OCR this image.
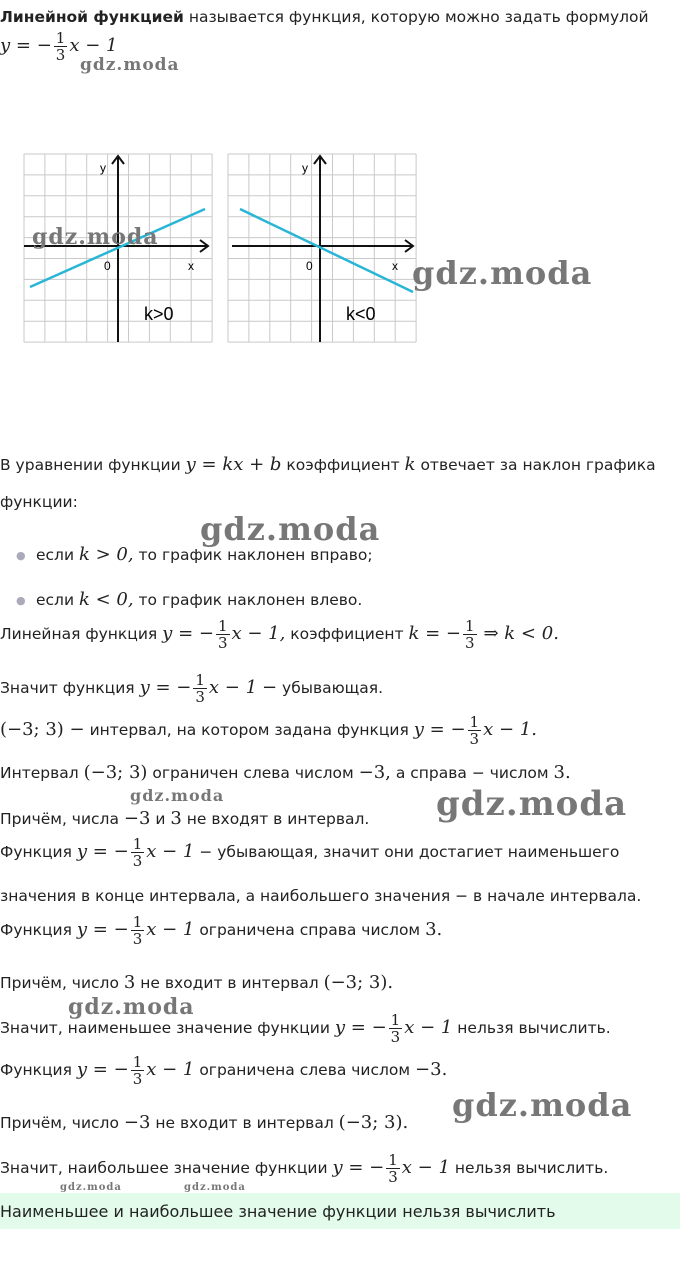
Линейной функцией называется функция, которую можно задать формулой
y = − $\frac{1}{3}$ x − 1
gdz.moda
y
x
0
k>0
y
x
0
k<0
gdz.moda
gdz.moda
В уравнении функции y = kx + b коэффициент k отвечает за наклон графика
функции:
gdz.moda
● если k > 0, то график наклонен вправо;
● если k < 0, то график наклонен влево.
Линейная функция y = − $\frac{1}{3}$ x − 1, коэффициент k = − $\frac{1}{3}$ ⇒ k < 0.
Значит функция y = − $\frac{1}{3}$ x − 1 − убывающая.
(−3; 3) − интервал, на котором задана функция y = − $\frac{1}{3}$ x − 1.
Интервал (−3; 3) ограничен слева числом −3, а справа − числом 3.
gdz.moda	gdz.moda
Причём, числа −3 и 3 не входят в интервал.
Функция y = − $\frac{1}{3}$ x − 1 − убывающая, значит они достагиет наименьшего
значения в конце интервала, а наибольшего значения − в начале интервала.
Функция y = − $\frac{1}{3}$ x − 1 ограничена справа числом 3.
Причём, число 3 не входит в интервал (−3; 3).
gdz.moda
Значит, наименьшее значение функции y = − $\frac{1}{3}$ x − 1 нельзя вычислить.
Функция y = − $\frac{1}{3}$ x − 1 ограничена слева числом −3.
gdz.moda
Причём, число −3 не входит в интервал (−3; 3).
Значит, наибольшее значение функции y = − $\frac{1}{3}$ x − 1 нельзя вычислить.
gdz.moda	gdz.moda
Наименьшее и наибольшее значение функции нельзя вычислить
